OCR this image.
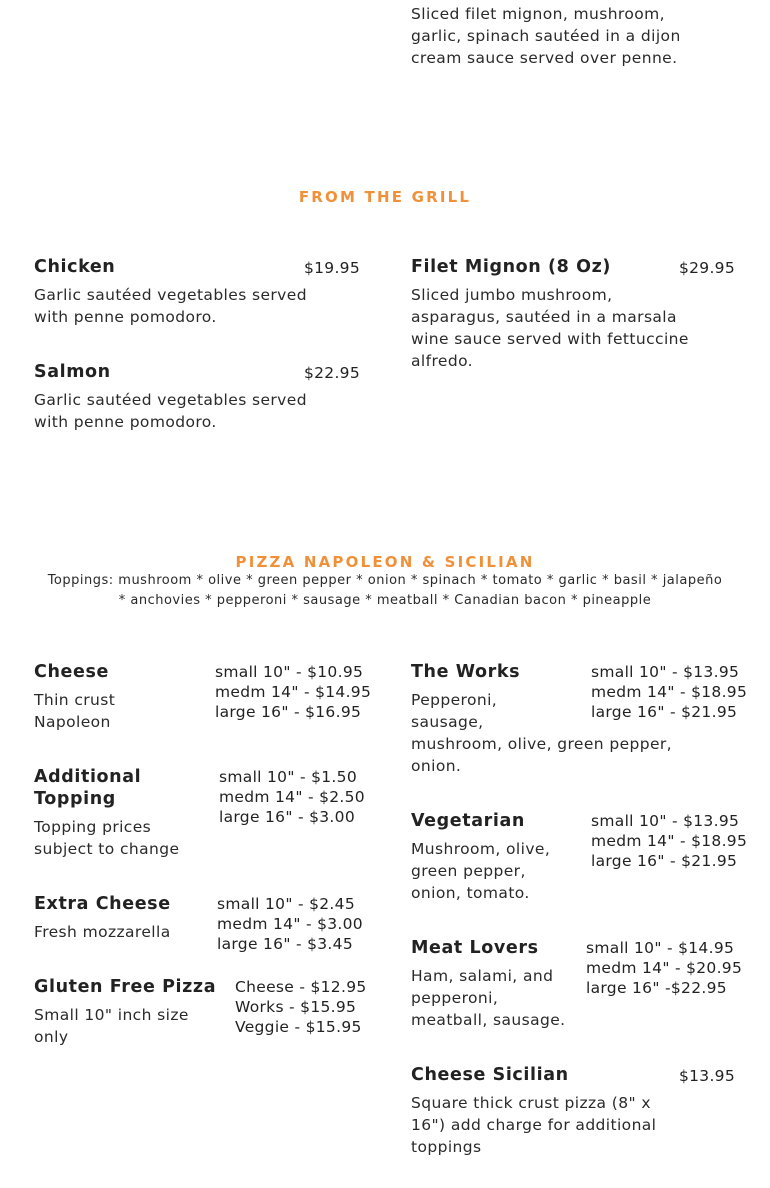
Sliced filet mignon, mushroom,
garlic, spinach sautéed in a dijon
cream sauce served over penne.
FROM THE GRILL
Chicken	$19.95
Garlic sautéed vegetables served
with penne pomodoro.
Salmon	$22.95
Garlic sautéed vegetables served
with penne pomodoro.
Filet Mignon (8 Oz)	$29.95
Sliced jumbo mushroom,
asparagus, sautéed in a marsala
wine sauce served with fettuccine
alfredo.
PIZZA NAPOLEON & SICILIAN
Toppings: mushroom * olive * green pepper * onion * spinach * tomato * garlic * basil * jalapeño
* anchovies * pepperoni * sausage * meatball * Canadian bacon * pineapple
Cheese
Thin crust
Napoleon
small 10" - $10.95
medm 14" - $14.95
large 16" - $16.95
Additional
Topping
Topping prices
subject to change
small 10" - $1.50
medm 14" - $2.50
large 16" - $3.00
Extra Cheese
Fresh mozzarella
small 10" - $2.45
medm 14" - $3.00
large 16" - $3.45
Gluten Free Pizza
Small 10" inch size
only
Cheese - $12.95
Works - $15.95
Veggie - $15.95
The Works
Pepperoni,
sausage,
mushroom, olive, green pepper,
onion.
small 10" - $13.95
medm 14" - $18.95
large 16" - $21.95
Vegetarian
Mushroom, olive,
green pepper,
onion, tomato.
small 10" - $13.95
medm 14" - $18.95
large 16" - $21.95
Meat Lovers
Ham, salami, and
pepperoni,
meatball, sausage.
small 10" - $14.95
medm 14" - $20.95
large 16" -$22.95
Cheese Sicilian	$13.95
Square thick crust pizza (8" x
16") add charge for additional
toppings
